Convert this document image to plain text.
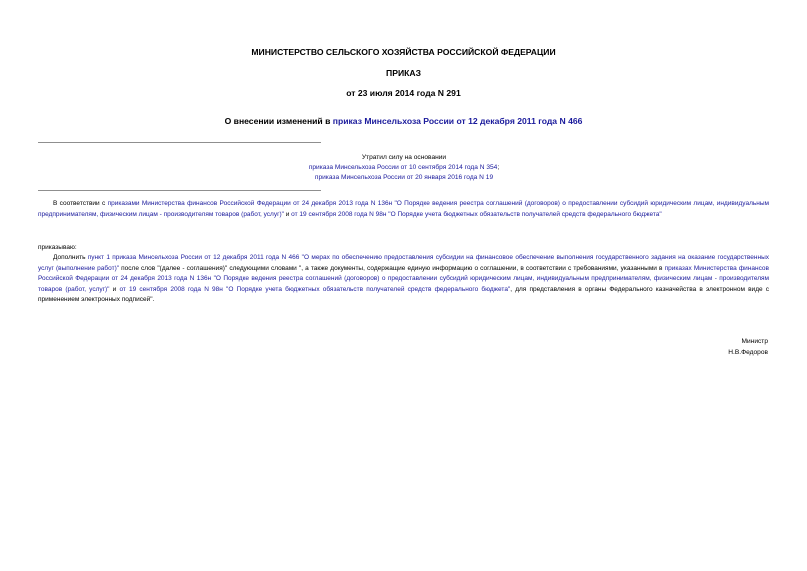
МИНИСТЕРСТВО СЕЛЬСКОГО ХОЗЯЙСТВА РОССИЙСКОЙ ФЕДЕРАЦИИ
ПРИКАЗ
от 23 июля 2014 года N 291
О внесении изменений в приказ Минсельхоза России от 12 декабря 2011 года N 466
Утратил силу на основании
приказа Минсельхоза России от 10 сентября 2014 года N 354;
приказа Минсельхоза России от 20 января 2016 года N 19
В соответствии с приказами Министерства финансов Российской Федерации от 24 декабря 2013 года N 136н "О Порядке ведения реестра соглашений (договоров) о предоставлении субсидий юридическим лицам, индивидуальным предпринимателям, физическим лицам - производителям товаров (работ, услуг)" и от 19 сентября 2008 года N 98н "О Порядке учета бюджетных обязательств получателей средств федерального бюджета"
приказываю:
Дополнить пункт 1 приказа Минсельхоза России от 12 декабря 2011 года N 466 "О мерах по обеспечению предоставления субсидии на финансовое обеспечение выполнения государственного задания на оказание государственных услуг (выполнение работ)" после слов "(далее - соглашения)" следующими словами ", а также документы, содержащие единую информацию о соглашении, в соответствии с требованиями, указанными в приказах Министерства финансов Российской Федерации от 24 декабря 2013 года N 136н "О Порядке ведения реестра соглашений (договоров) о предоставлении субсидий юридическим лицам, индивидуальным предпринимателям, физическим лицам - производителям товаров (работ, услуг)" и от 19 сентября 2008 года N 98н "О Порядке учета бюджетных обязательств получателей средств федерального бюджета", для представления в органы Федерального казначейства в электронном виде с применением электронных подписей".
Министр
Н.В.Федоров
